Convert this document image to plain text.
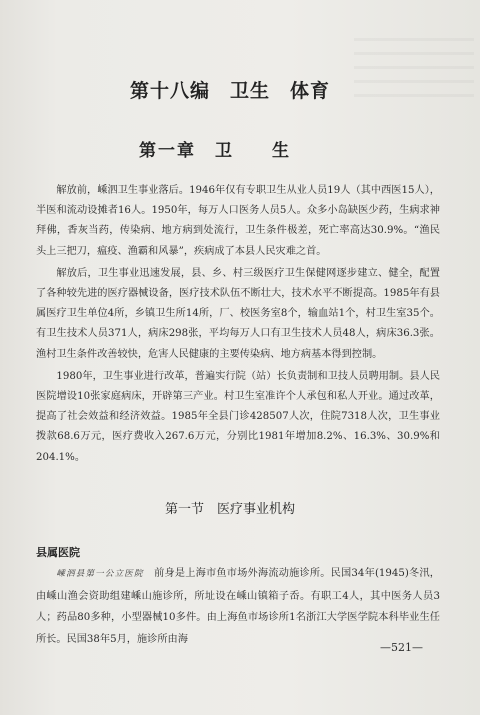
第十八编　卫生　体育
第一章　卫　　生

解放前，嵊泗卫生事业落后。1946年仅有专职卫生从业人员19人（其中西医15人），半医和流动设摊者16人。1950年，每万人口医务人员5人。众多小岛缺医少药，生病求神拜佛，香灰当药，传染病、地方病到处流行，卫生条件极差，死亡率高达30.9%。“渔民头上三把刀，瘟疫、渔霸和风暴”，疾病成了本县人民灾难之首。

解放后，卫生事业迅速发展，县、乡、村三级医疗卫生保健网逐步建立、健全，配置了各种较先进的医疗器械设备，医疗技术队伍不断壮大，技术水平不断提高。1985年有县属医疗卫生单位4所，乡镇卫生所14所，厂、校医务室8个，输血站1个，村卫生室35个。有卫生技术人员371人，病床298张，平均每万人口有卫生技术人员48人，病床36.3张。渔村卫生条件改善较快，危害人民健康的主要传染病、地方病基本得到控制。

1980年，卫生事业进行改革，普遍实行院（站）长负责制和卫技人员聘用制。县人民医院增设10张家庭病床，开辟第三产业。村卫生室准许个人承包和私人开业。通过改革，提高了社会效益和经济效益。1985年全县门诊428507人次，住院7318人次，卫生事业拨款68.6万元，医疗费收入267.6万元，分别比1981年增加8.2%、16.3%、30.9%和204.1%。

第一节　医疗事业机构
县属医院

嵊泗县第一公立医院　 前身是上海市鱼市场外海流动施诊所。民国34年(1945)冬汛，由嵊山渔会资助组建嵊山施诊所，所址设在嵊山镇箱子岙。有职工4人，其中医务人员3人；药品80多种，小型器械10多件。由上海鱼市场诊所1名浙江大学医学院本科毕业生任所长。民国38年5月，施诊所由海

—521—
